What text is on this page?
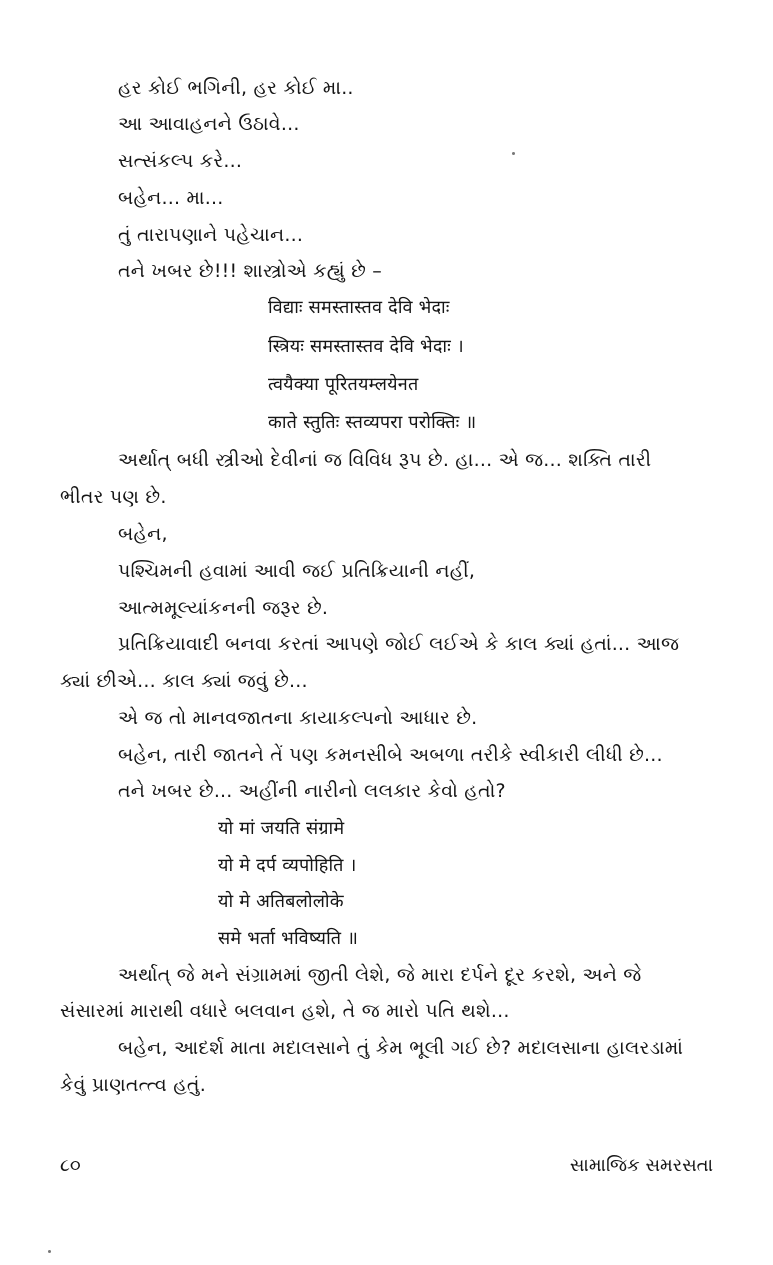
હર કોઈ ભગિની, હર કોઈ મા..
આ આવાહનને ઉઠાવે...
સત્સંકલ્પ કરે...
બહેન... મા...
તું તારાપણાને પહેચાન...
તને ખબર છે!!! શાસ્ત્રોએ કહ્યું છે –
विद्याः समस्तास्तव देवि भेदाः
स्त्रियः समस्तास्तव देवि भेदाः ।
त्वयैक्या पूरितयम्लयेनत
काते स्तुतिः स्तव्यपरा परोक्तिः ॥
અર્થાત્ બધી સ્ત્રીઓ દેવીનાં જ વિવિધ રૂપ છે. હા... એ જ... શક્તિ તારી
ભીતર પણ છે.
બહેન,
પશ્ચિમની હવામાં આવી જઈ પ્રતિક્રિયાની નહીં,
આત્મમૂલ્યાંકનની જરૂર છે.
પ્રતિક્રિયાવાદી બનવા કરતાં આપણે જોઈ લઈએ કે કાલ ક્યાં હતાં... આજ
ક્યાં છીએ... કાલ ક્યાં જવું છે...
એ જ તો માનવજાતના કાયાકલ્પનો આધાર છે.
બહેન, તારી જાતને તેં પણ કમનસીબે અબળા તરીકે સ્વીકારી લીધી છે...
તને ખબર છે... અહીંની નારીનો લલકાર કેવો હતો?
यो मां जयति संग्रामे
यो मे दर्प व्यपोहिति ।
यो मे अतिबलोलोके
समे भर्ता भविष्यति ॥
અર્થાત્ જે મને સંગ્રામમાં જીતી લેશે, જે મારા દર્પને દૂર કરશે, અને જે
સંસારમાં મારાથી વધારે બલવાન હશે, તે જ મારો પતિ થશે...
બહેન, આદર્શ માતા મદાલસાને તું કેમ ભૂલી ગઈ છે? મદાલસાના હાલરડામાં
કેવું પ્રાણતત્ત્વ હતું.
૮૦	સામાજિક સમરસતા
